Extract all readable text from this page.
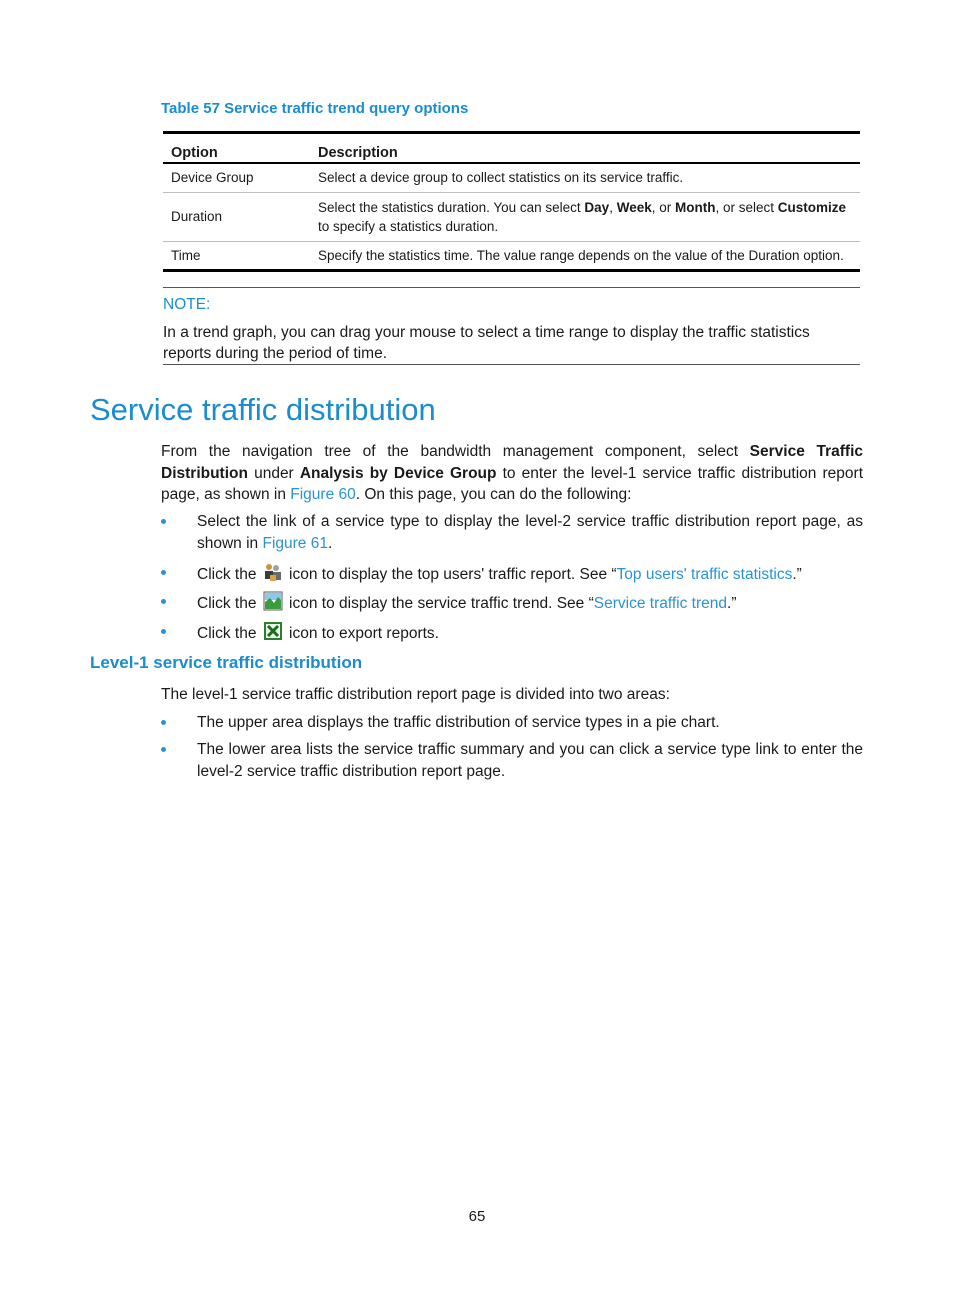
Table 57 Service traffic trend query options
Option	Description
Device Group	Select a device group to collect statistics on its service traffic.
Duration	Select the statistics duration. You can select Day, Week, or Month, or select Customize to specify a statistics duration.
Time	Specify the statistics time. The value range depends on the value of the Duration option.
NOTE:
In a trend graph, you can drag your mouse to select a time range to display the traffic statistics reports during the period of time.
Service traffic distribution
From the navigation tree of the bandwidth management component, select Service Traffic Distribution under Analysis by Device Group to enter the level-1 service traffic distribution report page, as shown in Figure 60. On this page, you can do the following:
Select the link of a service type to display the level-2 service traffic distribution report page, as shown in Figure 61.
Click the  icon to display the top users' traffic report. See “Top users' traffic statistics.”
Click the  icon to display the service traffic trend. See “Service traffic trend.”
Click the  icon to export reports.
Level-1 service traffic distribution
The level-1 service traffic distribution report page is divided into two areas:
The upper area displays the traffic distribution of service types in a pie chart.
The lower area lists the service traffic summary and you can click a service type link to enter the level-2 service traffic distribution report page.
65
